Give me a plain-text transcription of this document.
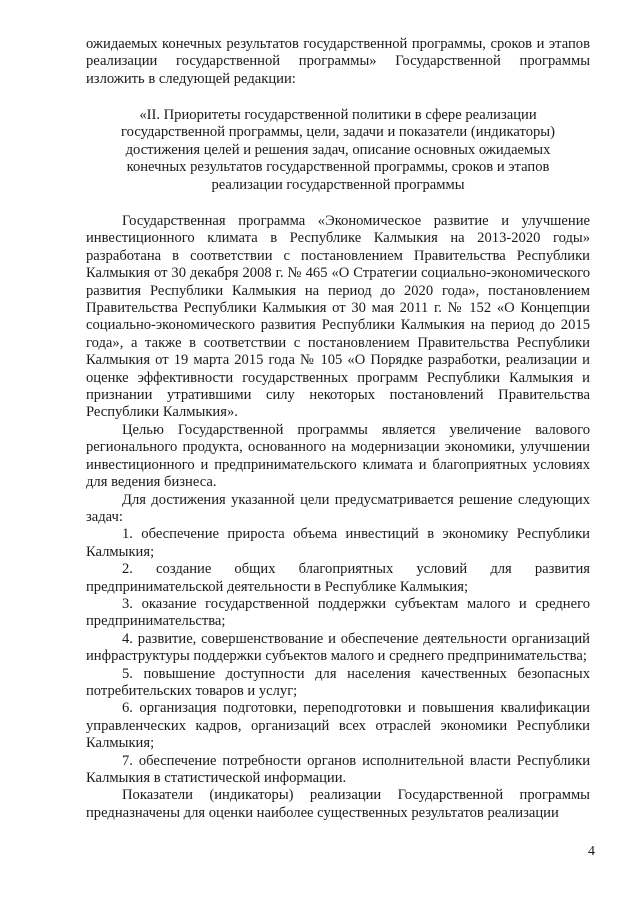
ожидаемых конечных результатов государственной программы, сроков и этапов реализации государственной программы» Государственной программы изложить в следующей редакции:

«II. Приоритеты государственной политики в сфере реализации государственной программы, цели, задачи и показатели (индикаторы) достижения целей и решения задач, описание основных ожидаемых конечных результатов государственной программы, сроков и этапов реализации государственной программы

Государственная программа «Экономическое развитие и улучшение инвестиционного климата в Республике Калмыкия на 2013-2020 годы» разработана в соответствии с постановлением Правительства Республики Калмыкия от 30 декабря 2008 г. № 465 «О Стратегии социально-экономического развития Республики Калмыкия на период до 2020 года», постановлением Правительства Республики Калмыкия от 30 мая 2011 г. № 152 «О Концепции социально-экономического развития Республики Калмыкия на период до 2015 года», а также в соответствии с постановлением Правительства Республики Калмыкия от 19 марта 2015 года № 105 «О Порядке разработки, реализации и оценке эффективности государственных программ Республики Калмыкия и признании утратившими силу некоторых постановлений Правительства Республики Калмыкия».

Целью Государственной программы является увеличение валового регионального продукта, основанного на модернизации экономики, улучшении инвестиционного и предпринимательского климата и благоприятных условиях для ведения бизнеса.

Для достижения указанной цели предусматривается решение следующих задач:

1. обеспечение прироста объема инвестиций в экономику Республики Калмыкия;

2. создание общих благоприятных условий для развития предпринимательской деятельности в Республике Калмыкия;

3. оказание государственной поддержки субъектам малого и среднего предпринимательства;

4. развитие, совершенствование и обеспечение деятельности организаций инфраструктуры поддержки субъектов малого и среднего предпринимательства;

5. повышение доступности для населения качественных безопасных потребительских товаров и услуг;

6. организация подготовки, переподготовки и повышения квалификации управленческих кадров, организаций всех отраслей экономики Республики Калмыкия;

7. обеспечение потребности органов исполнительной власти Республики Калмыкия в статистической информации.

Показатели (индикаторы) реализации Государственной программы предназначены для оценки наиболее существенных результатов реализации

4
